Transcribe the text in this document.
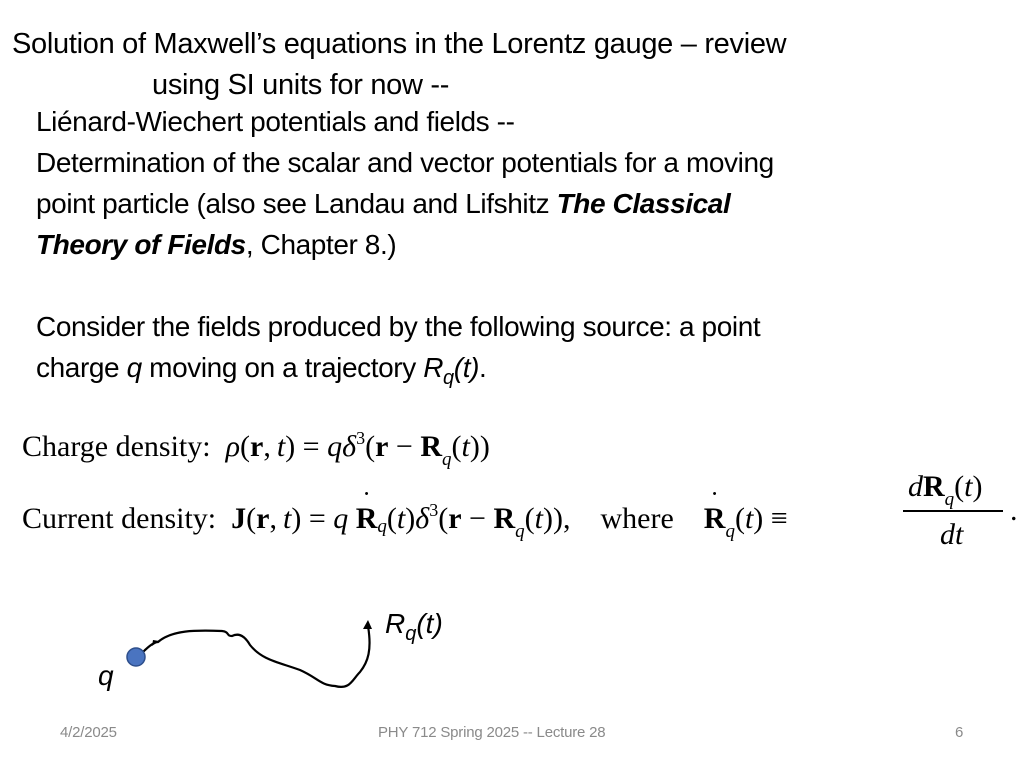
Solution of Maxwell’s equations in the Lorentz gauge – review
using SI units for now --
Liénard-Wiechert potentials and fields --
Determination of the scalar and vector potentials for a moving
point particle (also see Landau and Lifshitz The Classical
Theory of Fields, Chapter 8.)
Consider the fields produced by the following source: a point
charge q moving on a trajectory $R_q(t)$.
Charge density: ρ(r, $t) = q\delta^3(r - R_q(t))$
Current density: J(r, t) = q ˙ $Rq(t)\delta^3(r - R_q(t))$,    where ˙ $R_q(t)$ ≡
$dR_q(t)$
dt
.
q
$R_q(t)$
4/2/2025	PHY 712 Spring 2025 -- Lecture 28	6
